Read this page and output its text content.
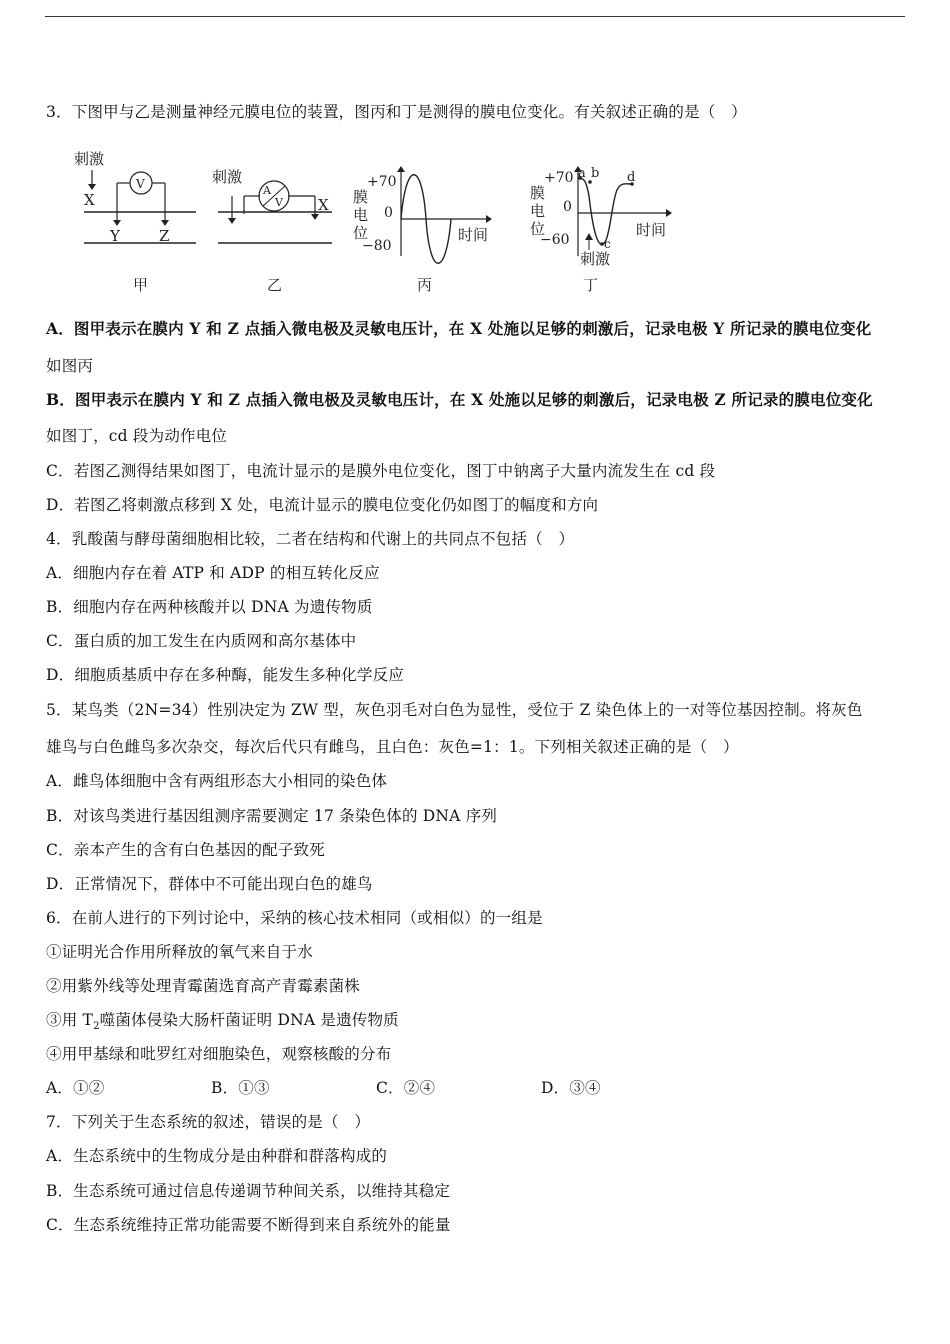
3．下图甲与乙是测量神经元膜电位的装置，图丙和丁是测得的膜电位变化。有关叙述正确的是（　）
刺激
X
V
Y	Z
甲
刺激
A
V X
乙
+70
0
−80
膜
电
位	时间
丙
a b
c
d
+70
0
−60
膜
电
位	时间
刺激
丁
A．图甲表示在膜内 Y 和 Z 点插入微电极及灵敏电压计，在 X 处施以足够的刺激后，记录电极 Y 所记录的膜电位变化
如图丙
B．图甲表示在膜内 Y 和 Z 点插入微电极及灵敏电压计，在 X 处施以足够的刺激后，记录电极 Z 所记录的膜电位变化
如图丁，cd 段为动作电位
C．若图乙测得结果如图丁，电流计显示的是膜外电位变化，图丁中钠离子大量内流发生在 cd 段
D．若图乙将刺激点移到 X 处，电流计显示的膜电位变化仍如图丁的幅度和方向
4．乳酸菌与酵母菌细胞相比较，二者在结构和代谢上的共同点不包括（　）
A．细胞内存在着 ATP 和 ADP 的相互转化反应
B．细胞内存在两种核酸并以 DNA 为遗传物质
C．蛋白质的加工发生在内质网和高尔基体中
D．细胞质基质中存在多种酶，能发生多种化学反应
5．某鸟类（2N=34）性别决定为 ZW 型，灰色羽毛对白色为显性，受位于 Z 染色体上的一对等位基因控制。将灰色
雄鸟与白色雌鸟多次杂交，每次后代只有雌鸟，且白色：灰色=1：1。下列相关叙述正确的是（　）
A．雌鸟体细胞中含有两组形态大小相同的染色体
B．对该鸟类进行基因组测序需要测定 17 条染色体的 DNA 序列
C．亲本产生的含有白色基因的配子致死
D．正常情况下，群体中不可能出现白色的雄鸟
6．在前人进行的下列讨论中，采纳的核心技术相同（或相似）的一组是
①证明光合作用所释放的氧气来自于水
②用紫外线等处理青霉菌选育高产青霉素菌株
③用 $T_2$噬菌体侵染大肠杆菌证明 DNA 是遗传物质
④用甲基绿和吡罗红对细胞染色，观察核酸的分布
A．①②	B．①③	C．②④	D．③④
7．下列关于生态系统的叙述，错误的是（　）
A．生态系统中的生物成分是由种群和群落构成的
B．生态系统可通过信息传递调节种间关系，以维持其稳定
C．生态系统维持正常功能需要不断得到来自系统外的能量
